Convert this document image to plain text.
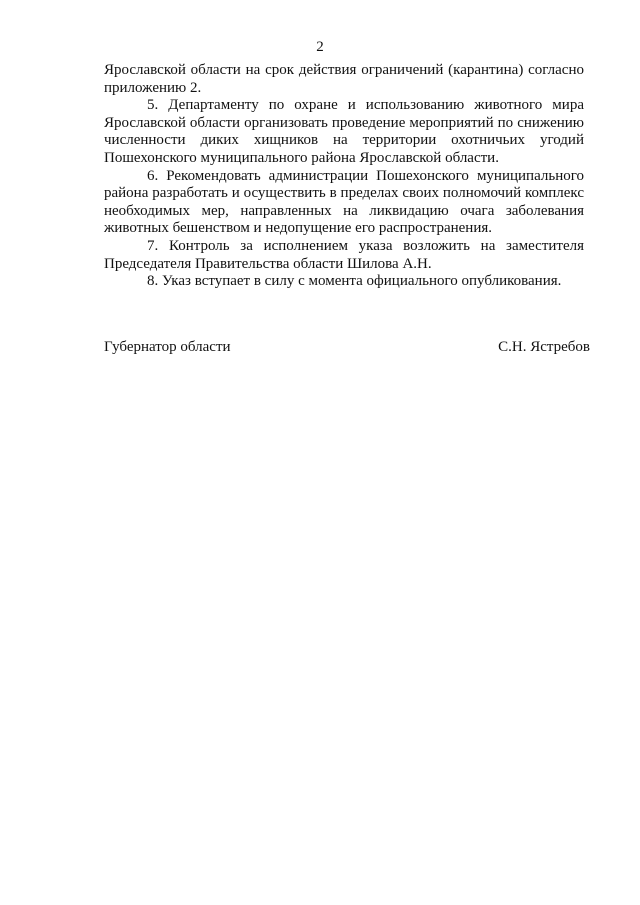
2

Ярославской области на срок действия ограничений (карантина) согласно приложению 2.

5. Департаменту по охране и использованию животного мира Ярославской области организовать проведение мероприятий по снижению численности диких хищников на территории охотничьих угодий Пошехонского муниципального района Ярославской области.

6. Рекомендовать администрации Пошехонского муниципального района разработать и осуществить в пределах своих полномочий комплекс необходимых мер, направленных на ликвидацию очага заболевания животных бешенством и недопущение его распространения.

7. Контроль за исполнением указа возложить на заместителя Председателя Правительства области Шилова А.Н.

8. Указ вступает в силу с момента официального опубликования.

Губернатор области	С.Н. Ястребов
